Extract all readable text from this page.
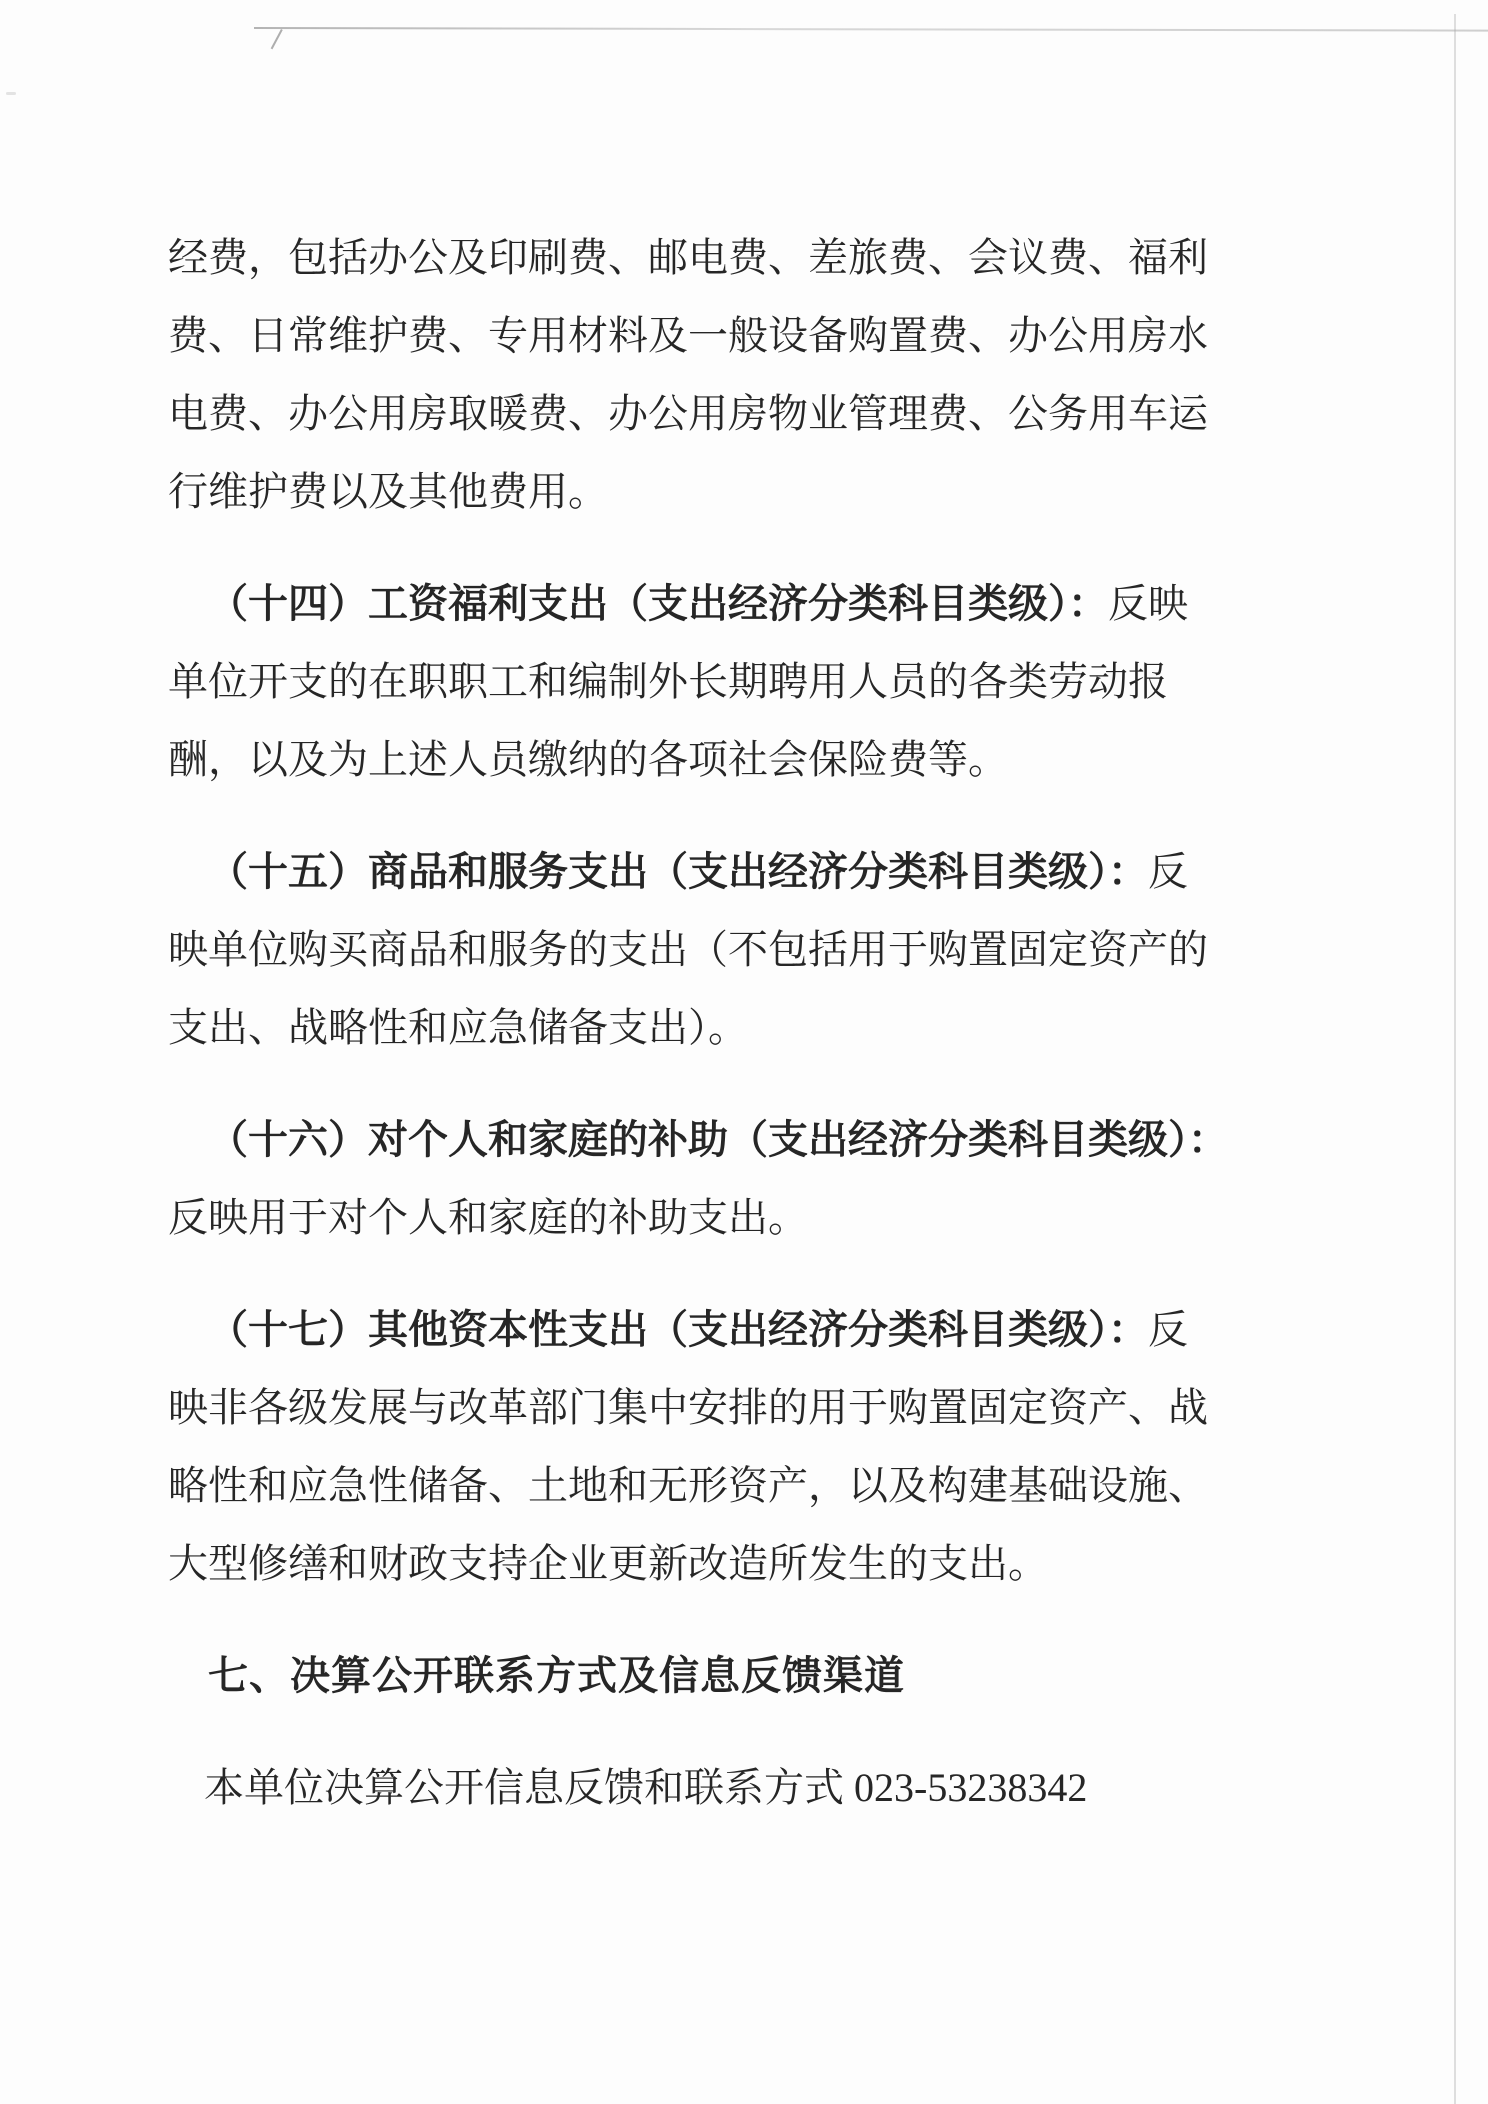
经费，包括办公及印刷费、邮电费、差旅费、会议费、福利
费、日常维护费、专用材料及一般设备购置费、办公用房水
电费、办公用房取暖费、办公用房物业管理费、公务用车运
行维护费以及其他费用。

（十四）工资福利支出（支出经济分类科目类级）：反映
单位开支的在职职工和编制外长期聘用人员的各类劳动报
酬，以及为上述人员缴纳的各项社会保险费等。

（十五）商品和服务支出（支出经济分类科目类级）：反
映单位购买商品和服务的支出（不包括用于购置固定资产的
支出、战略性和应急储备支出）。

（十六）对个人和家庭的补助（支出经济分类科目类级）：
反映用于对个人和家庭的补助支出。

（十七）其他资本性支出（支出经济分类科目类级）：反
映非各级发展与改革部门集中安排的用于购置固定资产、战
略性和应急性储备、土地和无形资产，以及构建基础设施、
大型修缮和财政支持企业更新改造所发生的支出。

七、决算公开联系方式及信息反馈渠道

本单位决算公开信息反馈和联系方式 023-53238342
